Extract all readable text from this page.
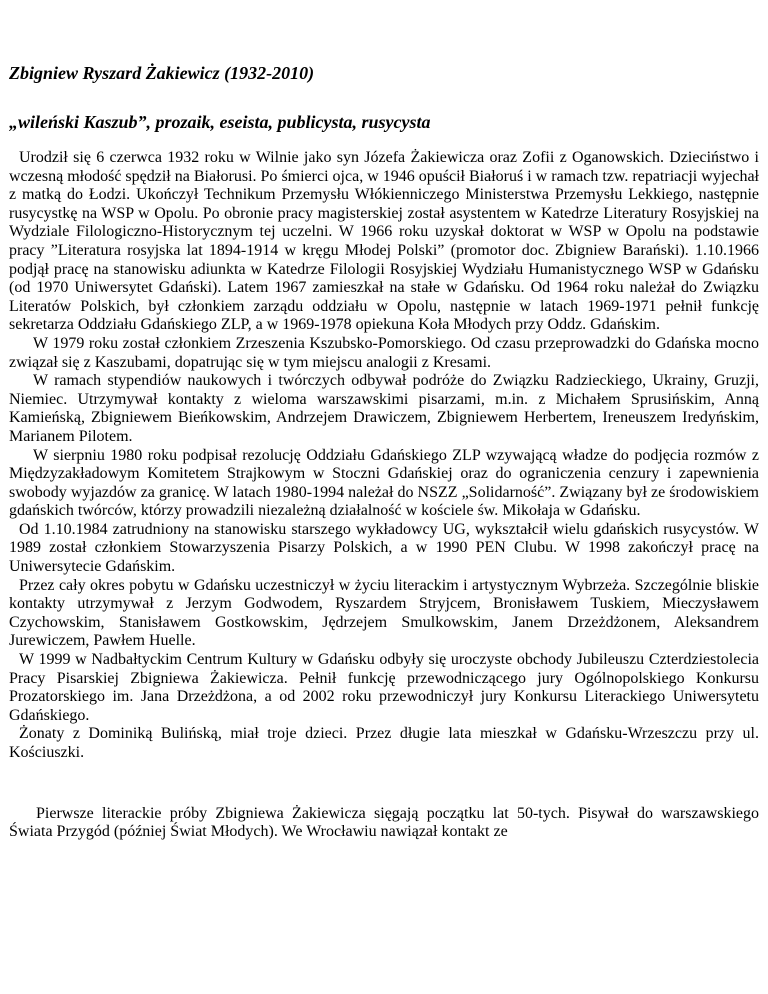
Zbigniew Ryszard Żakiewicz (1932-2010)

„wileński Kaszub”, prozaik, eseista, publicysta, rusycysta

Urodził się 6 czerwca 1932 roku w Wilnie jako syn Józefa Żakiewicza oraz Zofii z Oganowskich. Dzieciństwo i wczesną młodość spędził na Białorusi. Po śmierci ojca, w 1946 opuścił Białoruś i w ramach tzw. repatriacji wyjechał z matką do Łodzi. Ukończył Technikum Przemysłu Włókienniczego Ministerstwa Przemysłu Lekkiego, następnie rusycystkę na WSP w Opolu. Po obronie pracy magisterskiej został asystentem w Katedrze Literatury Rosyjskiej na Wydziale Filologiczno-Historycznym tej uczelni. W 1966 roku uzyskał doktorat w WSP w Opolu na podstawie pracy ”Literatura rosyjska lat 1894-1914 w kręgu Młodej Polski” (promotor doc. Zbigniew Barański). 1.10.1966 podjął pracę na stanowisku adiunkta w Katedrze Filologii Rosyjskiej Wydziału Humanistycznego WSP w Gdańsku (od 1970 Uniwersytet Gdański). Latem 1967 zamieszkał na stałe w Gdańsku. Od 1964 roku należał do Związku Literatów Polskich, był członkiem zarządu oddziału w Opolu, następnie w latach 1969-1971 pełnił funkcję sekretarza Oddziału Gdańskiego ZLP, a w 1969-1978 opiekuna Koła Młodych przy Oddz. Gdańskim.

W 1979 roku został członkiem Zrzeszenia Kszubsko-Pomorskiego. Od czasu przeprowadzki do Gdańska mocno związał się z Kaszubami, dopatrując się w tym miejscu analogii z Kresami.

W ramach stypendiów naukowych i twórczych odbywał podróże do Związku Radzieckiego, Ukrainy, Gruzji, Niemiec. Utrzymywał kontakty z wieloma warszawskimi pisarzami, m.in. z Michałem Sprusińskim, Anną Kamieńską, Zbigniewem Bieńkowskim, Andrzejem Drawiczem, Zbigniewem Herbertem, Ireneuszem Iredyńskim, Marianem Pilotem.

W sierpniu 1980 roku podpisał rezolucję Oddziału Gdańskiego ZLP wzywającą władze do podjęcia rozmów z Międzyzakładowym Komitetem Strajkowym w Stoczni Gdańskiej oraz do ograniczenia cenzury i zapewnienia swobody wyjazdów za granicę. W latach 1980-1994 należał do NSZZ „Solidarność”. Związany był ze środowiskiem gdańskich twórców, którzy prowadzili niezależną działalność w kościele św. Mikołaja w Gdańsku.

Od 1.10.1984 zatrudniony na stanowisku starszego wykładowcy UG, wykształcił wielu gdańskich rusycystów. W 1989 został członkiem Stowarzyszenia Pisarzy Polskich, a w 1990 PEN Clubu. W 1998 zakończył pracę na Uniwersytecie Gdańskim.

Przez cały okres pobytu w Gdańsku uczestniczył w życiu literackim i artystycznym Wybrzeża. Szczególnie bliskie kontakty utrzymywał z Jerzym Godwodem, Ryszardem Stryjcem, Bronisławem Tuskiem, Mieczysławem Czychowskim, Stanisławem Gostkowskim, Jędrzejem Smulkowskim, Janem Drzeżdżonem, Aleksandrem Jurewiczem, Pawłem Huelle.

W 1999 w Nadbałtyckim Centrum Kultury w Gdańsku odbyły się uroczyste obchody Jubileuszu Czterdziestolecia Pracy Pisarskiej Zbigniewa Żakiewicza. Pełnił funkcję przewodniczącego jury Ogólnopolskiego Konkursu Prozatorskiego im. Jana Drzeżdżona, a od 2002 roku przewodniczył jury Konkursu Literackiego Uniwersytetu Gdańskiego.

Żonaty z Dominiką Bulińską, miał troje dzieci. Przez długie lata mieszkał w Gdańsku-Wrzeszczu przy ul. Kościuszki.

Pierwsze literackie próby Zbigniewa Żakiewicza sięgają początku lat 50-tych. Pisywał do warszawskiego Świata Przygód (później Świat Młodych). We Wrocławiu nawiązał kontakt ze
